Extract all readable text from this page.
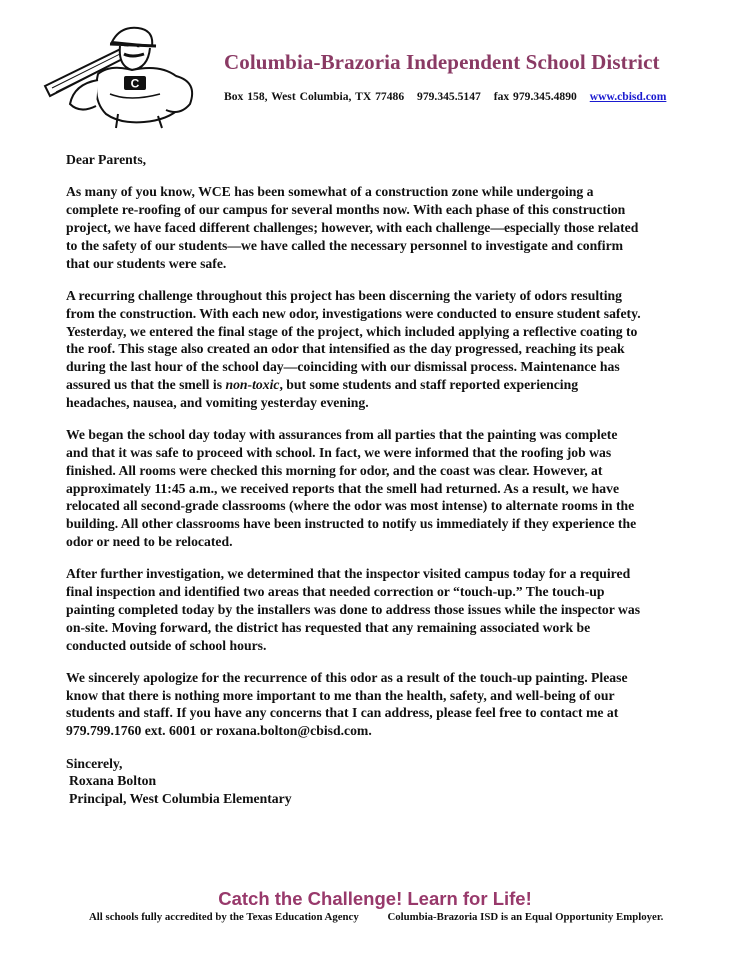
C
Columbia-Brazoria Independent School District
Box 158, West Columbia, TX 77486 979.345.5147 fax 979.345.4890 www.cbisd.com
Dear Parents,
As many of you know, WCE has been somewhat of a construction zone while undergoing a
complete re-roofing of our campus for several months now. With each phase of this construction
project, we have faced different challenges; however, with each challenge—especially those related
to the safety of our students—we have called the necessary personnel to investigate and confirm
that our students were safe.
A recurring challenge throughout this project has been discerning the variety of odors resulting
from the construction. With each new odor, investigations were conducted to ensure student safety.
Yesterday, we entered the final stage of the project, which included applying a reflective coating to
the roof. This stage also created an odor that intensified as the day progressed, reaching its peak
during the last hour of the school day—coinciding with our dismissal process. Maintenance has
assured us that the smell is non-toxic, but some students and staff reported experiencing
headaches, nausea, and vomiting yesterday evening.
We began the school day today with assurances from all parties that the painting was complete
and that it was safe to proceed with school. In fact, we were informed that the roofing job was
finished. All rooms were checked this morning for odor, and the coast was clear. However, at
approximately 11:45 a.m., we received reports that the smell had returned. As a result, we have
relocated all second-grade classrooms (where the odor was most intense) to alternate rooms in the
building. All other classrooms have been instructed to notify us immediately if they experience the
odor or need to be relocated.
After further investigation, we determined that the inspector visited campus today for a required
final inspection and identified two areas that needed correction or “touch-up.” The touch-up
painting completed today by the installers was done to address those issues while the inspector was
on-site. Moving forward, the district has requested that any remaining associated work be
conducted outside of school hours.
We sincerely apologize for the recurrence of this odor as a result of the touch-up painting. Please
know that there is nothing more important to me than the health, safety, and well-being of our
students and staff. If you have any concerns that I can address, please feel free to contact me at
979.799.1760 ext. 6001 or roxana.bolton@cbisd.com.
Sincerely,
Roxana Bolton
Principal, West Columbia Elementary
Catch the Challenge! Learn for Life!
All schools fully accredited by the Texas Education Agency	Columbia-Brazoria ISD is an Equal Opportunity Employer.
